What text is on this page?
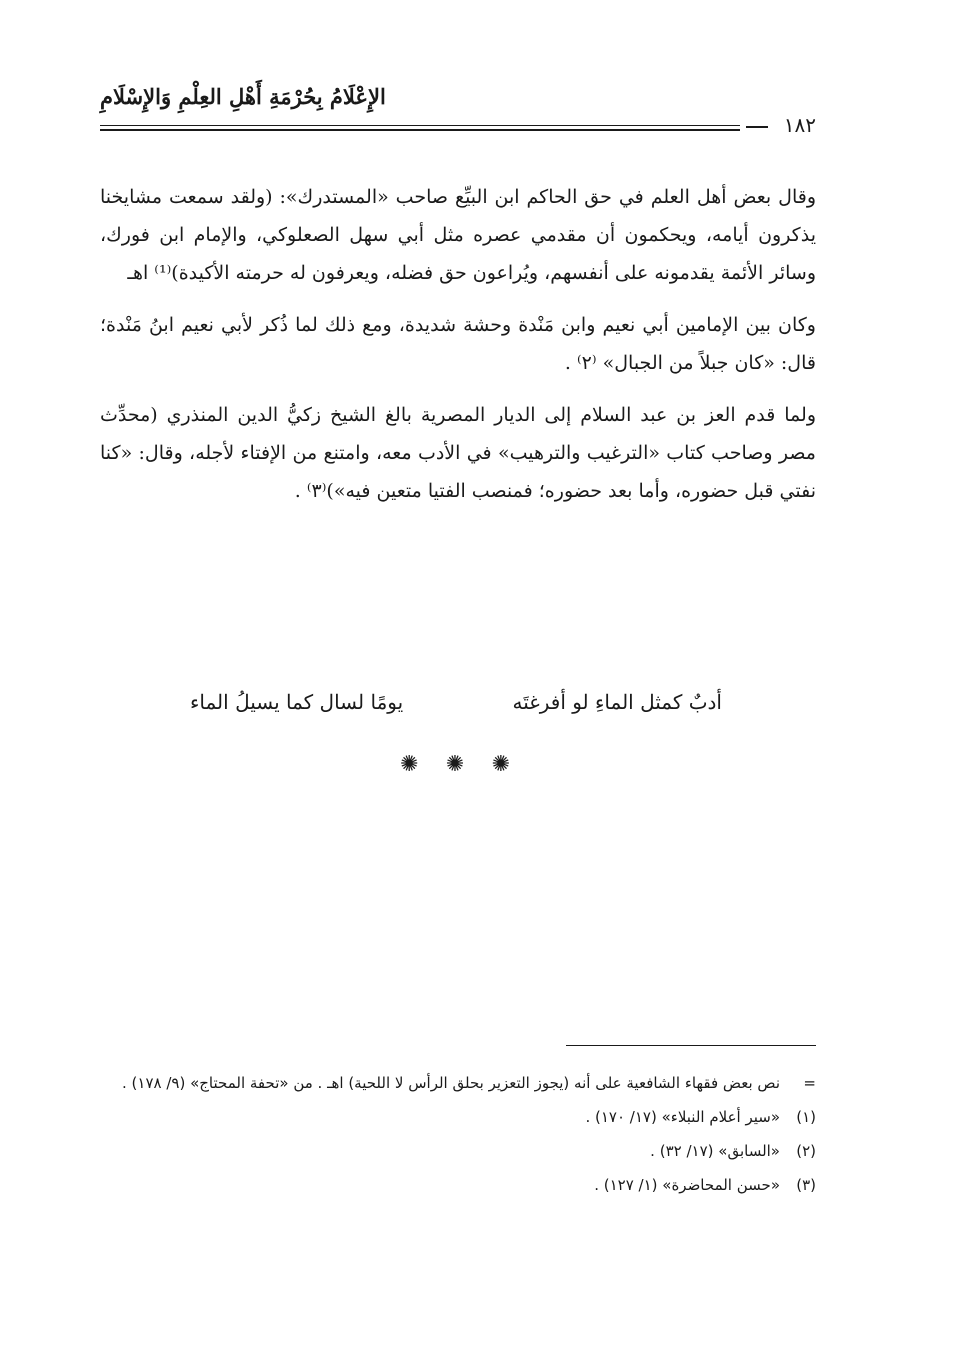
الإِعْلَامُ بِحُرْمَةِ أَهْلِ العِلْمِ وَالإِسْلَامِ
١٨٢

وقال بعض أهل العلم في حق الحاكم ابن البيِّع صاحب «المستدرك»: (ولقد سمعت مشايخنا يذكرون أيامه، ويحكمون أن مقدمي عصره مثل أبي سهل الصعلوكي، والإمام ابن فورك، وسائر الأئمة يقدمونه على أنفسهم، ويُراعون حق فضله، ويعرفون له حرمته الأكيدة)⁽¹⁾ اهـ

وكان بين الإمامين أبي نعيم وابن مَنْدة وحشة شديدة، ومع ذلك لما ذُكر لأبي نعيم ابنُ مَنْدة؛ قال: «كان جبلاً من الجبال» ⁽٢⁾ .

ولما قدم العز بن عبد السلام إلى الديار المصرية بالغ الشيخ زكيُّ الدين المنذري (محدِّث مصر وصاحب كتاب «الترغيب والترهيب» في الأدب معه، وامتنع من الإفتاء لأجله، وقال: «كنا نفتي قبل حضوره، وأما بعد حضوره؛ فمنصب الفتيا متعين فيه»)⁽٣⁾ .

أدبٌ كمثل الماءِ لو أفرغتَه
يومًا لسال كما يسيلُ الماء
✺ ✺ ✺
=
نص بعض فقهاء الشافعية على أنه (يجوز التعزير بحلق الرأس لا اللحية) اهـ . من «تحفة المحتاج» (٩/ ١٧٨) .
(١)
«سير أعلام النبلاء» (١٧/ ١٧٠) .
(٢)
«السابق» (١٧/ ٣٢) .
(٣)
«حسن المحاضرة» (١/ ١٢٧) .
